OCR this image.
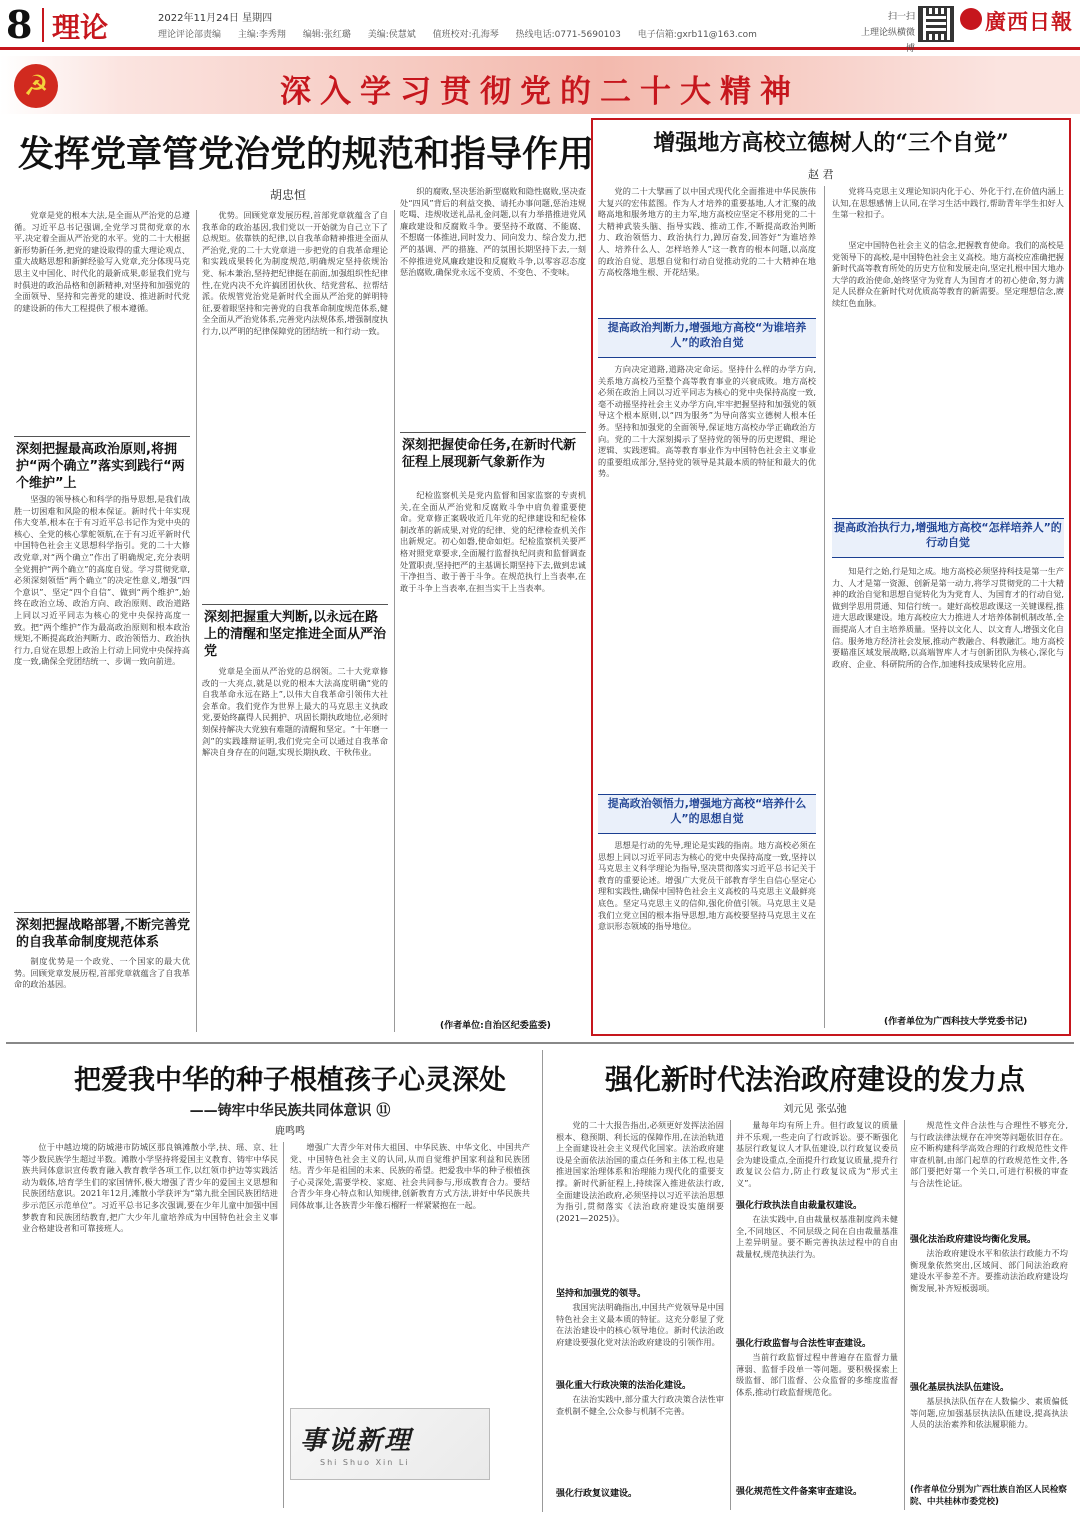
8 理论	2022年11月24日 星期四
理论评论部责编 主编:李秀翔 编辑:张红璐 美编:侯慧斌 值班校对:孔海琴 热线电话:0771-5690103 电子信箱:gxrb11@163.com
扫一扫
上理论纵横微博
廣西日報
☭	深入学习贯彻党的二十大精神
发挥党章管党治党的规范和指导作用
胡忠恒
党章是党的根本大法,是全面从严治党的总遵循。习近平总书记强调,全党学习贯彻党章的水平,决定着全面从严治党的水平。党的二十大根据新形势新任务,把党的建设取得的重大理论观点、重大战略思想和新鲜经验写入党章,充分体现马克思主义中国化、时代化的最新成果,彰显我们党与时俱进的政治品格和创新精神,对坚持和加强党的全面领导、坚持和完善党的建设、推进新时代党的建设新的伟大工程提供了根本遵循。
深刻把握最高政治原则,将拥护“两个确立”落实到践行“两个维护”上
坚强的领导核心和科学的指导思想,是我们战胜一切困难和风险的根本保证。新时代十年实现伟大变革,根本在于有习近平总书记作为党中央的核心、全党的核心掌舵领航,在于有习近平新时代中国特色社会主义思想科学指引。党的二十大修改党章,对“两个确立”作出了明确规定,充分表明全党拥护“两个确立”的高度自觉。学习贯彻党章,必须深刻领悟“两个确立”的决定性意义,增强“四个意识”、坚定“四个自信”、做到“两个维护”,始终在政治立场、政治方向、政治原则、政治道路上同以习近平同志为核心的党中央保持高度一致。把“两个维护”作为最高政治原则和根本政治规矩,不断提高政治判断力、政治领悟力、政治执行力,自觉在思想上政治上行动上同党中央保持高度一致,确保全党团结统一、步调一致向前进。
深刻把握战略部署,不断完善党的自我革命制度规范体系
制度优势是一个政党、一个国家的最大优势。回顾党章发展历程,首部党章就蕴含了自我革命的政治基因。
优势。回顾党章发展历程,首部党章就蕴含了自我革命的政治基因,我们党以一开始就为自己立下了总规矩。依靠铁的纪律,以自我革命精神推进全面从严治党,党的二十大党章进一步把党的自我革命理论和实践成果转化为制度规范,明确规定坚持依规治党、标本兼治,坚持把纪律挺在前面,加强组织性纪律性,在党内决不允许搞团团伙伙、结党营私、拉帮结派。依规管党治党是新时代全面从严治党的鲜明特征,要着眼坚持和完善党的自我革命制度规范体系,健全全面从严治党体系,完善党内法规体系,增强制度执行力,以严明的纪律保障党的团结统一和行动一致。
深刻把握重大判断,以永远在路上的清醒和坚定推进全面从严治党
党章是全面从严治党的总纲领。二十大党章修改的一大亮点,就是以党的根本大法高度明确“党的自我革命永远在路上”,以伟大自我革命引领伟大社会革命。我们党作为世界上最大的马克思主义执政党,要始终赢得人民拥护、巩固长期执政地位,必须时刻保持解决大党独有难题的清醒和坚定。“十年磨一剑”的实践雄辩证明,我们党完全可以通过自我革命解决自身存在的问题,实现长期执政、干秋伟业。
织的腐败,坚决惩治新型腐败和隐性腐败,坚决查处“四风”背后的利益交换、请托办事问题,惩治违规吃喝、违规收送礼品礼金问题,以有力举措推进党风廉政建设和反腐败斗争。要坚持不敢腐、不能腐、不想腐一体推进,同时发力、同向发力、综合发力,把严的基调、严的措施、严的氛围长期坚持下去,一刻不停推进党风廉政建设和反腐败斗争,以零容忍态度惩治腐败,确保党永远不变质、不变色、不变味。
深刻把握使命任务,在新时代新征程上展现新气象新作为
纪检监察机关是党内监督和国家监察的专责机关,在全面从严治党和反腐败斗争中肩负着重要使命。党章修正案吸收近几年党的纪律建设和纪检体制改革的新成果,对党的纪律、党的纪律检查机关作出新规定。初心如磐,使命如炬。纪检监察机关要严格对照党章要求,全面履行监督执纪问责和监督调查处置职责,坚持把严的主基调长期坚持下去,做到忠诚干净担当、敢于善于斗争。在规范执行上当表率,在敢于斗争上当表率,在担当实干上当表率。
(作者单位:自治区纪委监委)
增强地方高校立德树人的“三个自觉”
赵 君
党的二十大擘画了以中国式现代化全面推进中华民族伟大复兴的宏伟蓝图。作为人才培养的重要基地,人才汇聚的战略高地和服务地方的主力军,地方高校应坚定不移用党的二十大精神武装头脑、指导实践、推动工作,不断提高政治判断力、政治领悟力、政治执行力,踔厉奋发,回答好“为谁培养人、培养什么人、怎样培养人”这一教育的根本问题,以高度的政治自觉、思想自觉和行动自觉推动党的二十大精神在地方高校落地生根、开花结果。
提高政治判断力,增强地方高校“为谁培养人”的政治自觉
方向决定道路,道路决定命运。坚持什么样的办学方向,关系地方高校乃至整个高等教育事业的兴衰成败。地方高校必须在政治上同以习近平同志为核心的党中央保持高度一致,毫不动摇坚持社会主义办学方向,牢牢把握坚持和加强党的领导这个根本原则,以“四为服务”为导向落实立德树人根本任务。坚持和加强党的全面领导,保证地方高校办学正确政治方向。党的二十大深刻揭示了坚持党的领导的历史逻辑、理论逻辑、实践逻辑。高等教育事业作为中国特色社会主义事业的重要组成部分,坚持党的领导是其最本质的特征和最大的优势。
提高政治领悟力,增强地方高校“培养什么人”的思想自觉
思想是行动的先导,理论是实践的指南。地方高校必须在思想上同以习近平同志为核心的党中央保持高度一致,坚持以马克思主义科学理论为指导,坚决贯彻落实习近平总书记关于教育的重要论述。增强广大党员干部教育学生自信心坚定心理和实践性,确保中国特色社会主义高校的马克思主义最鲜亮底色。坚定马克思主义的信仰,强化价值引领。马克思主义是我们立党立国的根本指导思想,地方高校要坚持马克思主义在意识形态领域的指导地位。
党将马克思主义理论知识内化于心、外化于行,在价值内涵上认知,在思想感情上认同,在学习生活中践行,帮助青年学生扣好人生第一粒扣子。
坚定中国特色社会主义的信念,把握教育使命。我们的高校是党领导下的高校,是中国特色社会主义高校。地方高校应准确把握新时代高等教育所处的历史方位和发展走向,坚定扎根中国大地办大学的政治使命,始终坚守为党育人为国育才的初心使命,努力满足人民群众在新时代对优质高等教育的新需要。坚定理想信念,赓续红色血脉。
提高政治执行力,增强地方高校“怎样培养人”的行动自觉
知是行之始,行是知之成。地方高校必须坚持科技是第一生产力、人才是第一资源、创新是第一动力,将学习贯彻党的二十大精神的政治自觉和思想自觉转化为为党育人、为国育才的行动自觉,做到学思用贯通、知信行统一。建好高校思政课这一关键课程,推进大思政课建设。地方高校应大力推进人才培养体制机制改革,全面提高人才自主培养质量。坚持以文化人、以文育人,增强文化自信。服务地方经济社会发展,推动产教融合、科教融汇。地方高校要瞄准区域发展战略,以高端智库人才与创新团队为核心,深化与政府、企业、科研院所的合作,加速科技成果转化应用。
(作者单位为广西科技大学党委书记)
把爱我中华的种子根植孩子心灵深处
——铸牢中华民族共同体意识 ⑪
鹿鸣鸣
位于中越边境的防城港市防城区那良镇滩散小学,扶、瑶、京、壮等少数民族学生超过半数。滩散小学坚持将爱国主义教育、铸牢中华民族共同体意识宣传教育融入教育教学各项工作,以红领巾护边等实践活动为载体,培育学生们的家国情怀,极大增强了青少年的爱国主义思想和民族团结意识。2021年12月,滩散小学获评为“第九批全国民族团结进步示范区示范单位”。习近平总书记多次强调,要在少年儿童中加强中国梦教育和民族团结教育,把广大少年儿童培养成为中国特色社会主义事业合格建设者和可靠接班人。
增强广大青少年对伟大祖国、中华民族、中华文化、中国共产党、中国特色社会主义的认同,从而自觉维护国家利益和民族团结。青少年是祖国的未来、民族的希望。把爱我中华的种子根植孩子心灵深处,需要学校、家庭、社会共同参与,形成教育合力。要结合青少年身心特点和认知规律,创新教育方式方法,讲好中华民族共同体故事,让各族青少年像石榴籽一样紧紧抱在一起。
事说新理
Shi Shuo Xin Li
强化新时代法治政府建设的发力点
刘元见 张弘弛
党的二十大报告指出,必须更好发挥法治固根本、稳预期、利长远的保障作用,在法治轨道上全面建设社会主义现代化国家。法治政府建设是全面依法治国的重点任务和主体工程,也是推进国家治理体系和治理能力现代化的重要支撑。新时代新征程上,持续深入推进依法行政,全面建设法治政府,必须坚持以习近平法治思想为指引,贯彻落实《法治政府建设实施纲要(2021—2025)》。
坚持和加强党的领导。
我国宪法明确指出,中国共产党领导是中国特色社会主义最本质的特征。这充分彰显了党在法治建设中的核心领导地位。新时代法治政府建设要强化党对法治政府建设的引领作用。
强化重大行政决策的法治化建设。
在法治实践中,部分重大行政决策合法性审查机制不健全,公众参与机制不完善。
强化行政复议建设。
量每年均有所上升。但行政复议的质量并不乐观,一些走向了行政诉讼。要不断强化基层行政复议人才队伍建设,以行政复议委员会为建设重点,全面提升行政复议质量,提升行政复议公信力,防止行政复议成为“形式主义”。
强化行政执法自由裁量权建设。
在法实践中,自由裁量权基准制度尚未健全,不同地区、不同层级之间在自由裁量基准上差异明显。要不断完善执法过程中的自由裁量权,规范执法行为。
强化行政监督与合法性审查建设。
当前行政监督过程中普遍存在监督力量薄弱、监督手段单一等问题。要积极探索上级监督、部门监督、公众监督的多维度监督体系,推动行政监督规范化。
强化规范性文件备案审查建设。
规范性文件合法性与合理性不够充分,与行政法律法规存在冲突等问题依旧存在。应不断构建科学高效合理的行政规范性文件审查机制,由部门起草的行政规范性文件,各部门要把好第一个关口,可进行积极的审查与合法性论证。
强化法治政府建设均衡化发展。
法治政府建设水平和依法行政能力不均衡现象依然突出,区域间、部门间法治政府建设水平参差不齐。要推动法治政府建设均衡发展,补齐短板弱项。
强化基层执法队伍建设。
基层执法队伍存在人数偏少、素质偏低等问题,应加强基层执法队伍建设,提高执法人员的法治素养和依法履职能力。
(作者单位分别为广西壮族自治区人民检察院、中共桂林市委党校)
